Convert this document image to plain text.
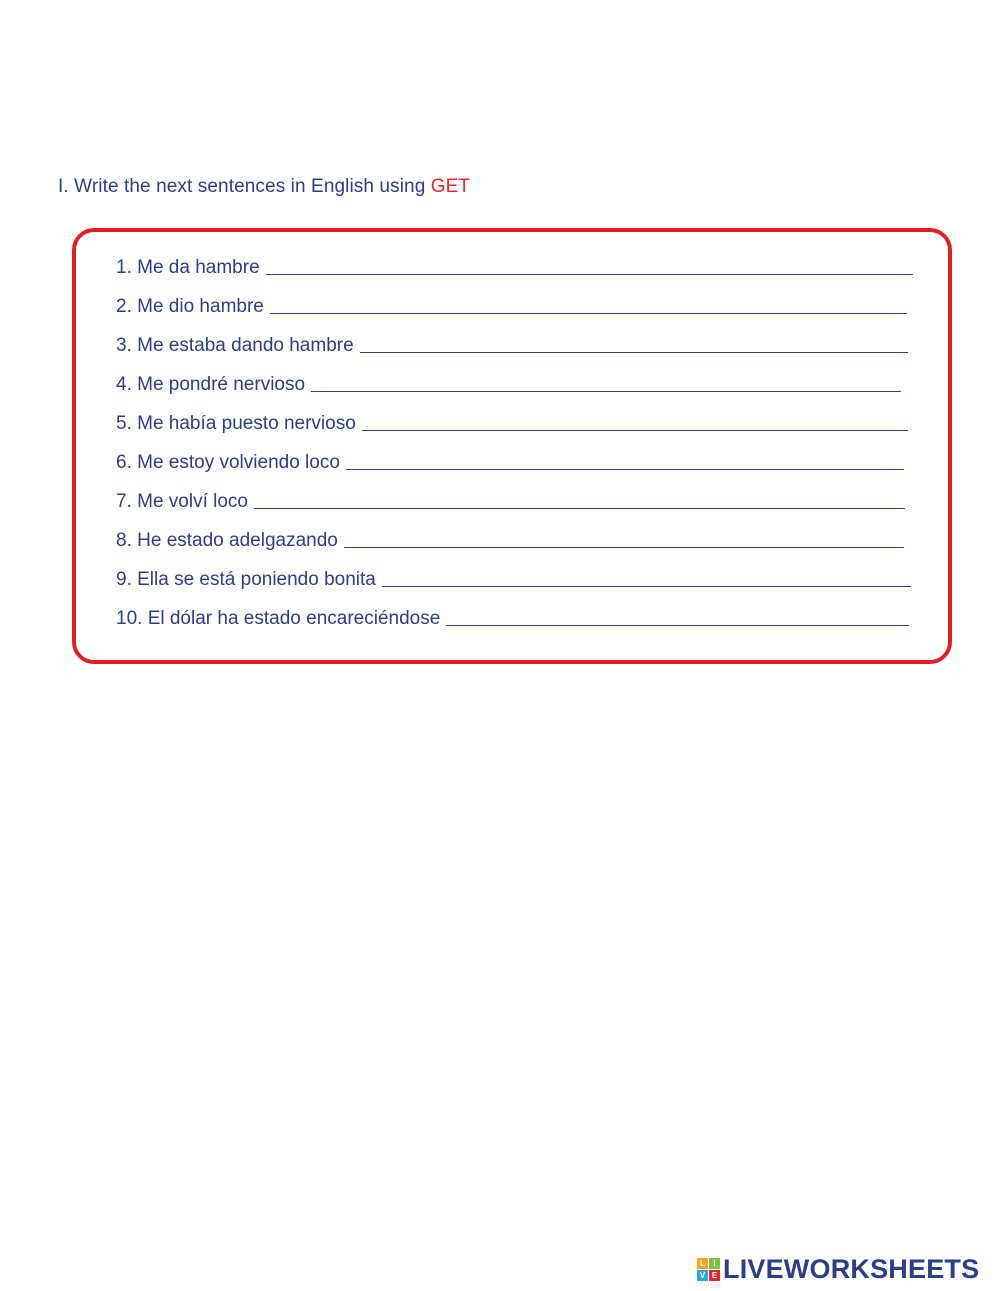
I. Write the next sentences in English using GET
1. Me da hambre
2. Me dio hambre
3. Me estaba dando hambre
4. Me pondré nervioso
5. Me había puesto nervioso
6. Me estoy volviendo loco
7. Me volví loco
8. He estado adelgazando
9. Ella se está poniendo bonita
10. El dólar ha estado encareciéndose
L	I
V E LIVEWORKSHEETS
